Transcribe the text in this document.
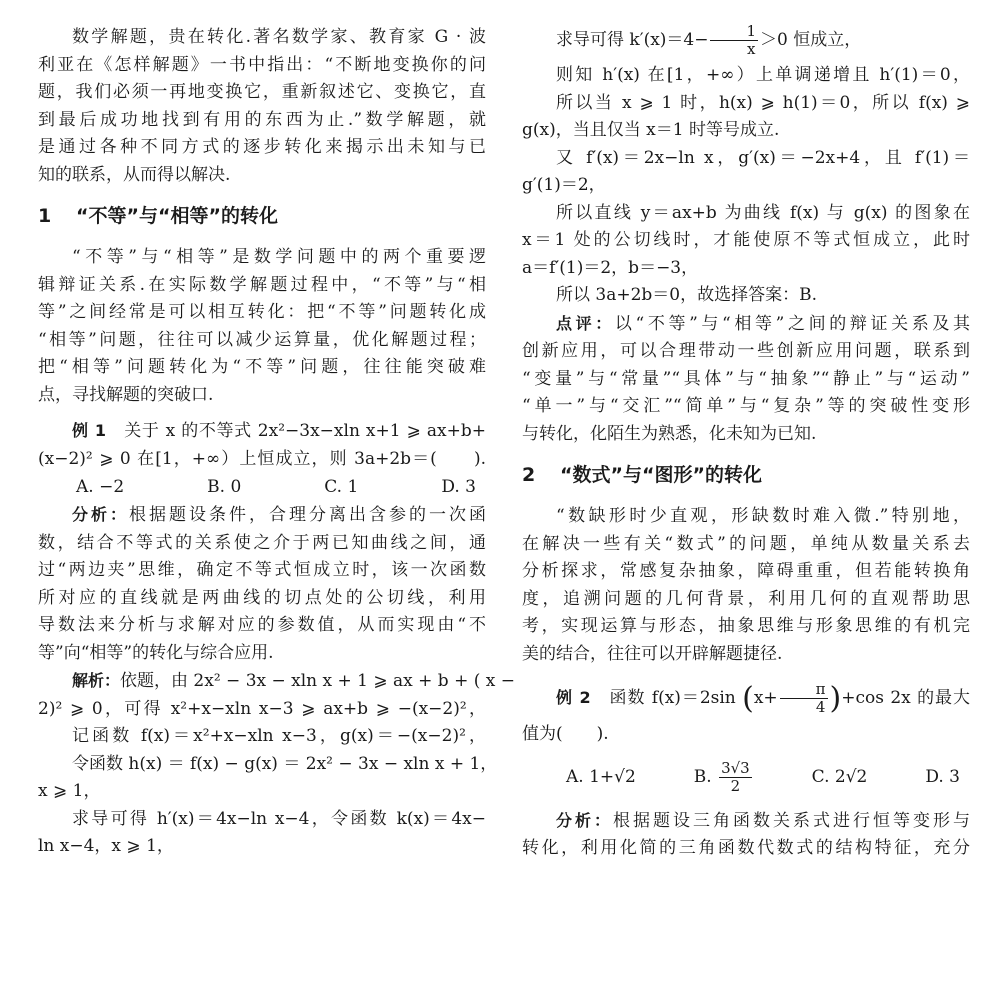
数学解题，贵在转化.著名数学家、教育家 G · 波

利亚在《怎样解题》一书中指出：“不断地变换你的问

题，我们必须一再地变换它，重新叙述它、变换它，直

到最后成功地找到有用的东西为止.”数学解题，就

是通过各种不同方式的逐步转化来揭示出未知与已

知的联系，从而得以解决.

1 “不等”与“相等”的转化

“不等”与“相等”是数学问题中的两个重要逻

辑辩证关系.在实际数学解题过程中，“不等”与“相

等”之间经常是可以相互转化：把“不等”问题转化成

“相等”问题，往往可以减少运算量，优化解题过程；

把“相等”问题转化为“不等”问题，往往能突破难

点，寻找解题的突破口.

例 1　 关于 x 的不等式 2x²−3x−xln x+1 ⩾ ax+b+

(x−2)² ⩾ 0 在[1，+∞）上恒成立，则 3a+2b＝(　　).

A. −2	B. 0	C. 1	D. 3

分析：根据题设条件，合理分离出含参的一次函

数，结合不等式的关系使之介于两已知曲线之间，通

过“两边夹”思维，确定不等式恒成立时，该一次函数

所对应的直线就是两曲线的切点处的公切线，利用

导数法来分析与求解对应的参数值，从而实现由“不

等”向“相等”的转化与综合应用.

解析：依题，由 2x² − 3x − xln x + 1 ⩾ ax + b + ( x −

2)² ⩾ 0，可得 x²+x−xln x−3 ⩾ ax+b ⩾ −(x−2)²，

记函数 f(x)＝x²+x−xln x−3，g(x)＝−(x−2)²，

令函数 h(x) ＝ f(x) − g(x) ＝ 2x² − 3x − xln x + 1，

x ⩾ 1，

求导可得 h′(x)＝4x−ln x−4，令函数 k(x)＝4x−

ln x−4，x ⩾ 1，

求导可得 $k'(x)=4- \frac{1}{x} >0$ 恒成立，

则知 h′(x) 在[1，+∞）上单调递增且 h′(1)＝0，

所以当 x ⩾ 1 时，h(x) ⩾ h(1)＝0，所以 f(x) ⩾

g(x)，当且仅当 x＝1 时等号成立.

又 f′(x)＝2x−ln x，g′(x)＝−2x+4，且 f′(1)＝

g′(1)＝2，

所以直线 y＝ax+b 为曲线 f(x) 与 g(x) 的图象在

x＝1 处的公切线时，才能使原不等式恒成立，此时

a＝f′(1)＝2，b＝−3，

所以 3a+2b＝0，故选择答案：B.

点评：以“不等”与“相等”之间的辩证关系及其

创新应用，可以合理带动一些创新应用问题，联系到

“变量”与“常量”“具体”与“抽象”“静止”与“运动”

“单一”与“交汇”“简单”与“复杂”等的突破性变形

与转化，化陌生为熟悉，化未知为已知.

2 “数式”与“图形”的转化

“数缺形时少直观，形缺数时难入微.”特别地，

在解决一些有关“数式”的问题，单纯从数量关系去

分析探求，常感复杂抽象，障碍重重，但若能转换角

度，追溯问题的几何背景，利用几何的直观帮助思

考，实现运算与形态，抽象思维与形象思维的有机完

美的结合，往往可以开辟解题捷径.

例 2　 函数 f(x)＝2sin $(x+ \frac{\pi}{4} )+\cos$ 2x 的最大

值为(　　).

A. 1+√2	B. $\frac{3√3}{2}$	C. 2√2	D. 3

分析：根据题设三角函数关系式进行恒等变形与

转化，利用化简的三角函数代数式的结构特征，充分
